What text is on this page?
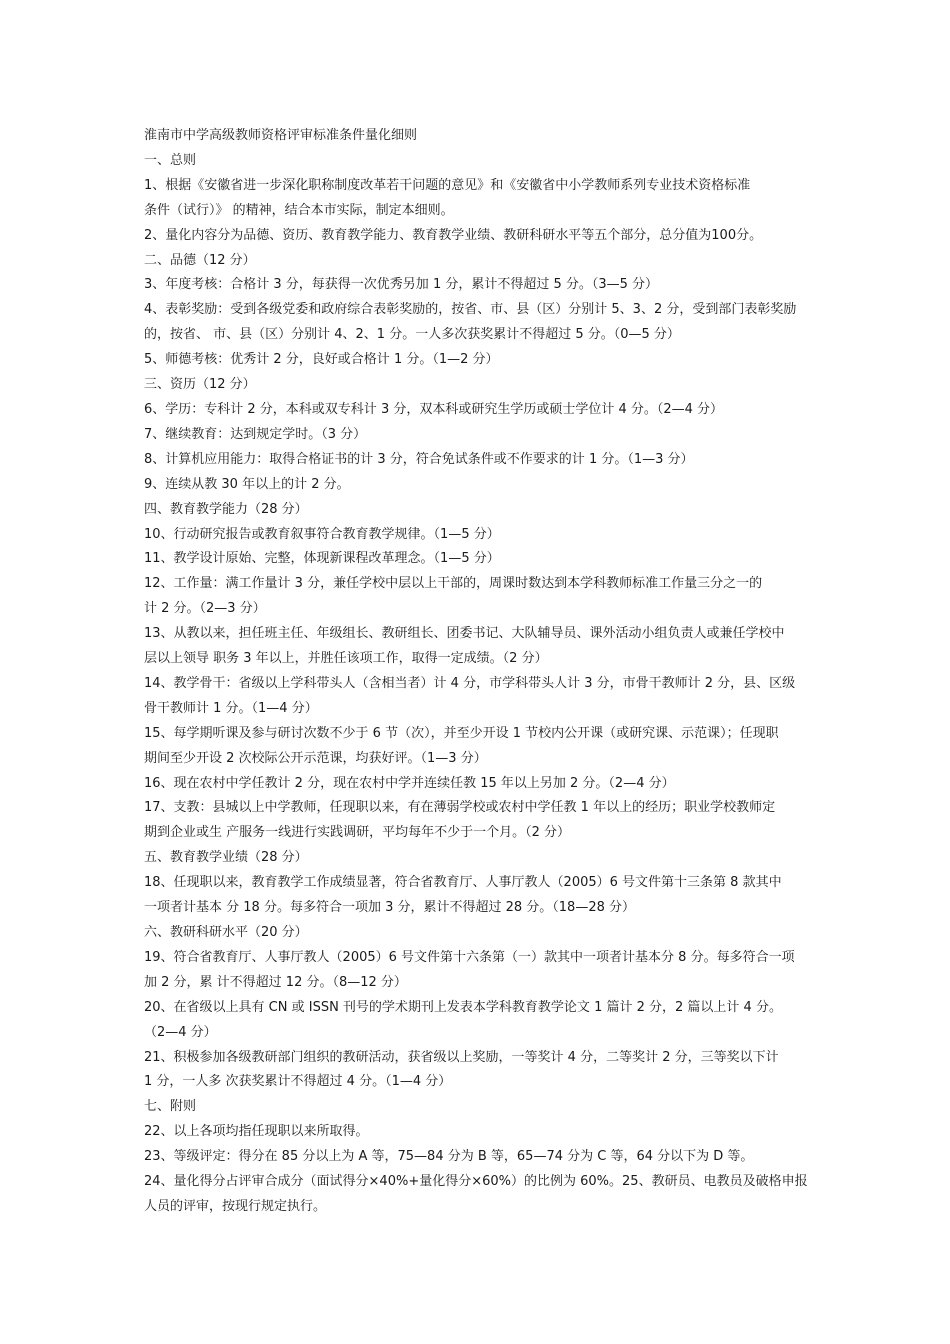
淮南市中学高级教师资格评审标准条件量化细则

一、总则

1、根据《安徽省进一步深化职称制度改革若干问题的意见》和《安徽省中小学教师系列专业技术资格标准

条件（试行）》 的精神，结合本市实际，制定本细则。

2、量化内容分为品德、资历、教育教学能力、教育教学业绩、教研科研水平等五个部分，总分值为100分。

二、品德（12 分）

3、年度考核：合格计 3 分，每获得一次优秀另加 1 分，累计不得超过 5 分。（3—5 分）

4、表彰奖励：受到各级党委和政府综合表彰奖励的，按省、市、县（区）分别计 5、3、2 分，受到部门表彰奖励

的，按省、 市、县（区）分别计 4、2、1 分。一人多次获奖累计不得超过 5 分。（0—5 分）

5、师德考核：优秀计 2 分，良好或合格计 1 分。（1—2 分）

三、资历（12 分）

6、学历：专科计 2 分，本科或双专科计 3 分，双本科或研究生学历或硕士学位计 4 分。（2—4 分）

7、继续教育：达到规定学时。（3 分）

8、计算机应用能力：取得合格证书的计 3 分，符合免试条件或不作要求的计 1 分。（1—3 分）

9、连续从教 30 年以上的计 2 分。

四、教育教学能力（28 分）

10、行动研究报告或教育叙事符合教育教学规律。（1—5 分）

11、教学设计原始、完整，体现新课程改革理念。（1—5 分）

12、工作量：满工作量计 3 分，兼任学校中层以上干部的，周课时数达到本学科教师标准工作量三分之一的

计 2 分。（2—3 分）

13、从教以来，担任班主任、年级组长、教研组长、团委书记、大队辅导员、课外活动小组负责人或兼任学校中

层以上领导 职务 3 年以上，并胜任该项工作，取得一定成绩。（2 分）

14、教学骨干：省级以上学科带头人（含相当者）计 4 分，市学科带头人计 3 分，市骨干教师计 2 分，县、区级

骨干教师计 1 分。（1—4 分）

15、每学期听课及参与研讨次数不少于 6 节（次），并至少开设 1 节校内公开课（或研究课、示范课）；任现职

期间至少开设 2 次校际公开示范课，均获好评。（1—3 分）

16、现在农村中学任教计 2 分，现在农村中学并连续任教 15 年以上另加 2 分。（2—4 分）

17、支教：县城以上中学教师，任现职以来，有在薄弱学校或农村中学任教 1 年以上的经历；职业学校教师定

期到企业或生 产服务一线进行实践调研，平均每年不少于一个月。（2 分）

五、教育教学业绩（28 分）

18、任现职以来，教育教学工作成绩显著，符合省教育厅、人事厅教人（2005）6 号文件第十三条第 8 款其中

一项者计基本 分 18 分。每多符合一项加 3 分，累计不得超过 28 分。（18—28 分）

六、教研科研水平（20 分）

19、符合省教育厅、人事厅教人（2005）6 号文件第十六条第（一）款其中一项者计基本分 8 分。每多符合一项

加 2 分，累 计不得超过 12 分。（8—12 分）

20、在省级以上具有 CN 或 ISSN 刊号的学术期刊上发表本学科教育教学论文 1 篇计 2 分，2 篇以上计 4 分。

（2—4 分）

21、积极参加各级教研部门组织的教研活动，获省级以上奖励，一等奖计 4 分，二等奖计 2 分，三等奖以下计

1 分，一人多 次获奖累计不得超过 4 分。（1—4 分）

七、附则

22、以上各项均指任现职以来所取得。

23、等级评定：得分在 85 分以上为 A 等，75—84 分为 B 等，65—74 分为 C 等，64 分以下为 D 等。

24、量化得分占评审合成分（面试得分×40%+量化得分×60%）的比例为 60%。25、教研员、电教员及破格申报

人员的评审，按现行规定执行。
